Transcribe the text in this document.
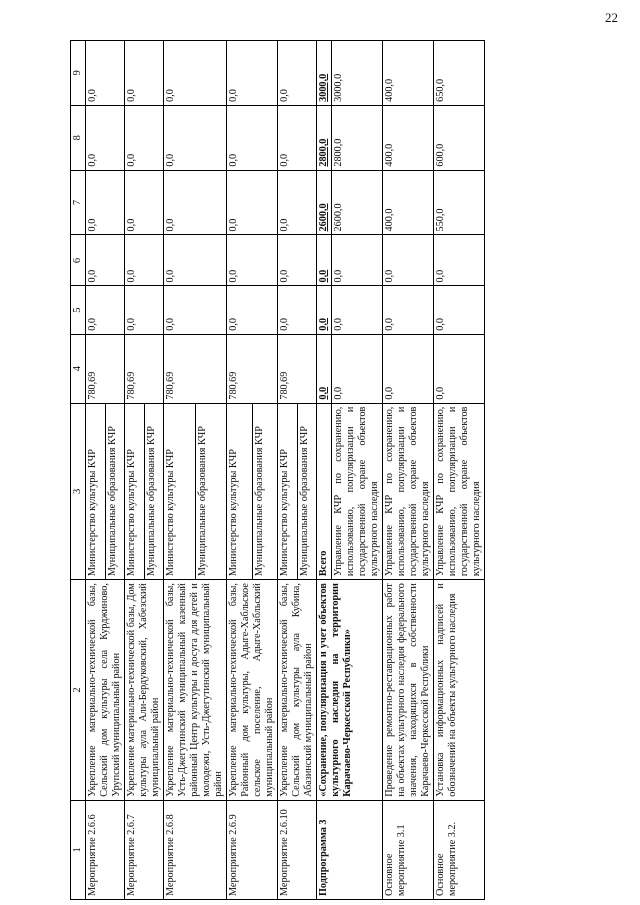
22
1	2	3	4	5	6	7	8	9
Мероприятие 2.6.6	Укрепление материально-технической базы, Сельский дом культуры села Курджиново, Урупский муниципальный район	Министерство культуры КЧР	780,69	0,0	0,0	0,0	0,0	0,0
		Муниципальные образования КЧР						
Мероприятие 2.6.7	Укрепление материально-технической базы, Дом культуры аула Али-Бердуковский, Хабезский муниципальный район	Министерство культуры КЧР	780,69	0,0	0,0	0,0	0,0	0,0
		Муниципальные образования КЧР						
Мероприятие 2.6.8	Укрепление материально-технической базы, Усть-Джегутинский муниципальный казенный районный Центр культуры и досуга для детей и молодежи, Усть-Джегутинский муниципальный район	Министерство культуры КЧР	780,69	0,0	0,0	0,0	0,0	0,0
		Муниципальные образования КЧР						
Мероприятие 2.6.9	Укрепление материально-технической базы, Районный дом культуры, Адыге-Хабльское сельское поселение, Адыге-Хабльский муниципальный район	Министерство культуры КЧР	780,69	0,0	0,0	0,0	0,0	0,0
		Муниципальные образования КЧР						
Мероприятие 2.6.10	Укрепление материально-технической базы, Сельский дом культуры аула Кубина, Абазинский муниципальный район	Министерство культуры КЧР	780,69	0,0	0,0	0,0	0,0	0,0
		Муниципальные образования КЧР						
Подпрограмма 3	«Сохранение, популяризация и учет объектов культурного наследия на территории Карачаево-Черкесской Республики»	Всего	0,0	0,0	0,0	2600,0	2800,0	3000,0
		Управление КЧР по сохранению, использованию, популяризации и государственной охране объектов культурного наследия	0,0	0,0	0,0	2600,0	2800,0	3000,0
Основное мероприятие 3.1	Проведение ремонтно-реставрационных работ на объектах культурного наследия федерального значения, находящихся в собственности Карачаево-Черкесской Республики	Управление КЧР по сохранению, использованию, популяризации и государственной охране объектов культурного наследия	0,0	0,0	0,0	400,0	400,0	400,0
Основное мероприятие 3.2.	Установка информационных надписей и обозначений на объекты культурного наследия	Управление КЧР по сохранению, использованию, популяризации и государственной охране объектов культурного наследия	0,0	0,0	0,0	550,0	600,0	650,0
